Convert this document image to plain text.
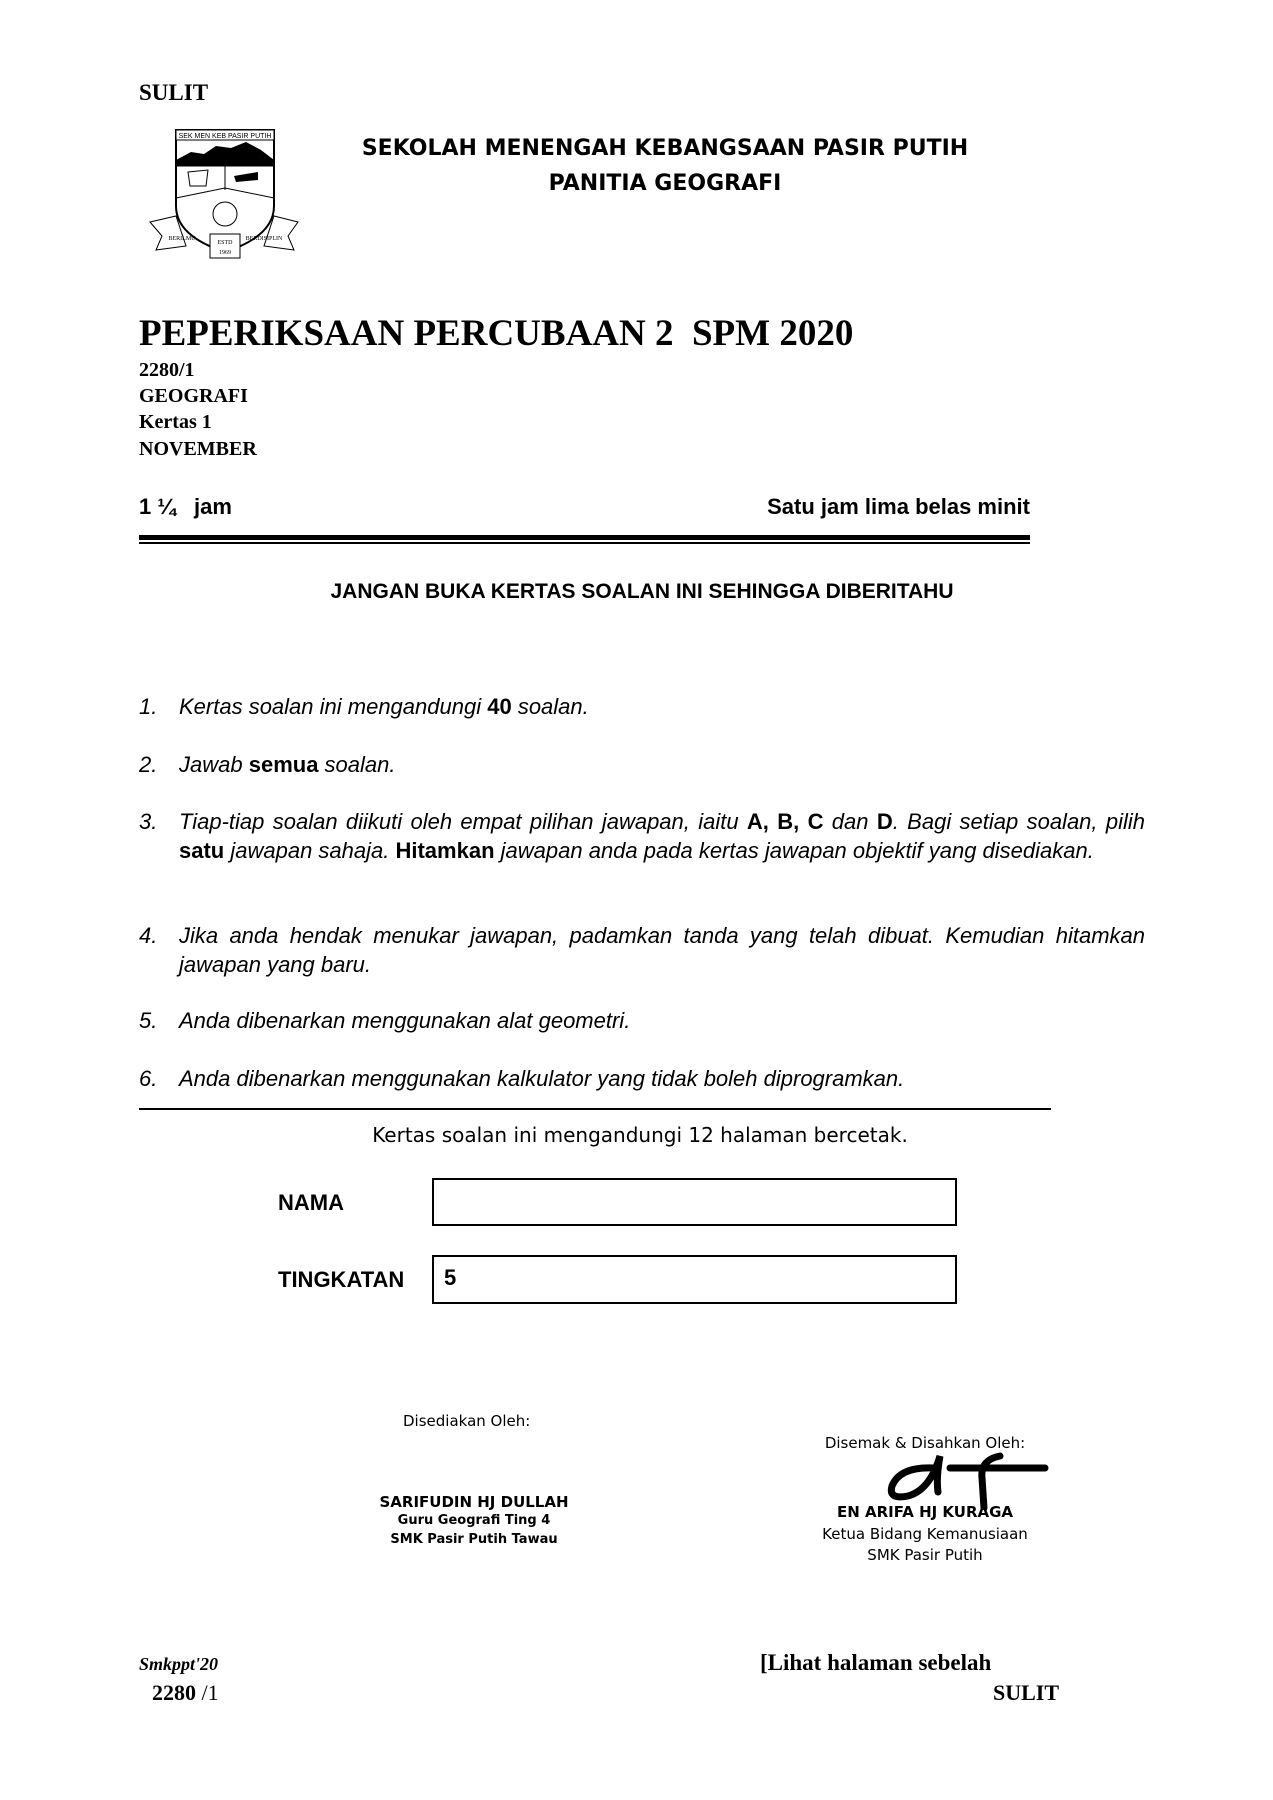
SULIT
SEK MEN KEB PASIR PUTIH
ESTD
1969
BERILMU	BERDISIPLIN
SEKOLAH MENENGAH KEBANGSAAN PASIR PUTIH
PANITIA GEOGRAFI
PEPERIKSAAN PERCUBAAN 2  SPM 2020
2280/1
GEOGRAFI
Kertas 1
NOVEMBER
1 ¼   jam	Satu jam lima belas minit
JANGAN BUKA KERTAS SOALAN INI SEHINGGA DIBERITAHU
1. Kertas soalan ini mengandungi 40 soalan.
2. Jawab semua soalan.
3. Tiap-tiap soalan diikuti oleh empat pilihan jawapan, iaitu A, B, C dan D. Bagi setiap soalan, pilih satu jawapan sahaja. Hitamkan jawapan anda pada kertas jawapan objektif yang disediakan.
4. Jika anda hendak menukar jawapan, padamkan tanda yang telah dibuat. Kemudian hitamkan jawapan yang baru.
5. Anda dibenarkan menggunakan alat geometri.
6. Anda dibenarkan menggunakan kalkulator yang tidak boleh diprogramkan.
Kertas soalan ini mengandungi 12 halaman bercetak.
NAMA
TINGKATAN	5
Disediakan Oleh:
SARIFUDIN HJ DULLAH
Guru Geografi Ting 4
SMK Pasir Putih Tawau
Disemak & Disahkan Oleh:
EN ARIFA HJ KURAGA
Ketua Bidang Kemanusiaan
SMK Pasir Putih
Smkppt'20
2280 /1
[Lihat halaman sebelah
SULIT
